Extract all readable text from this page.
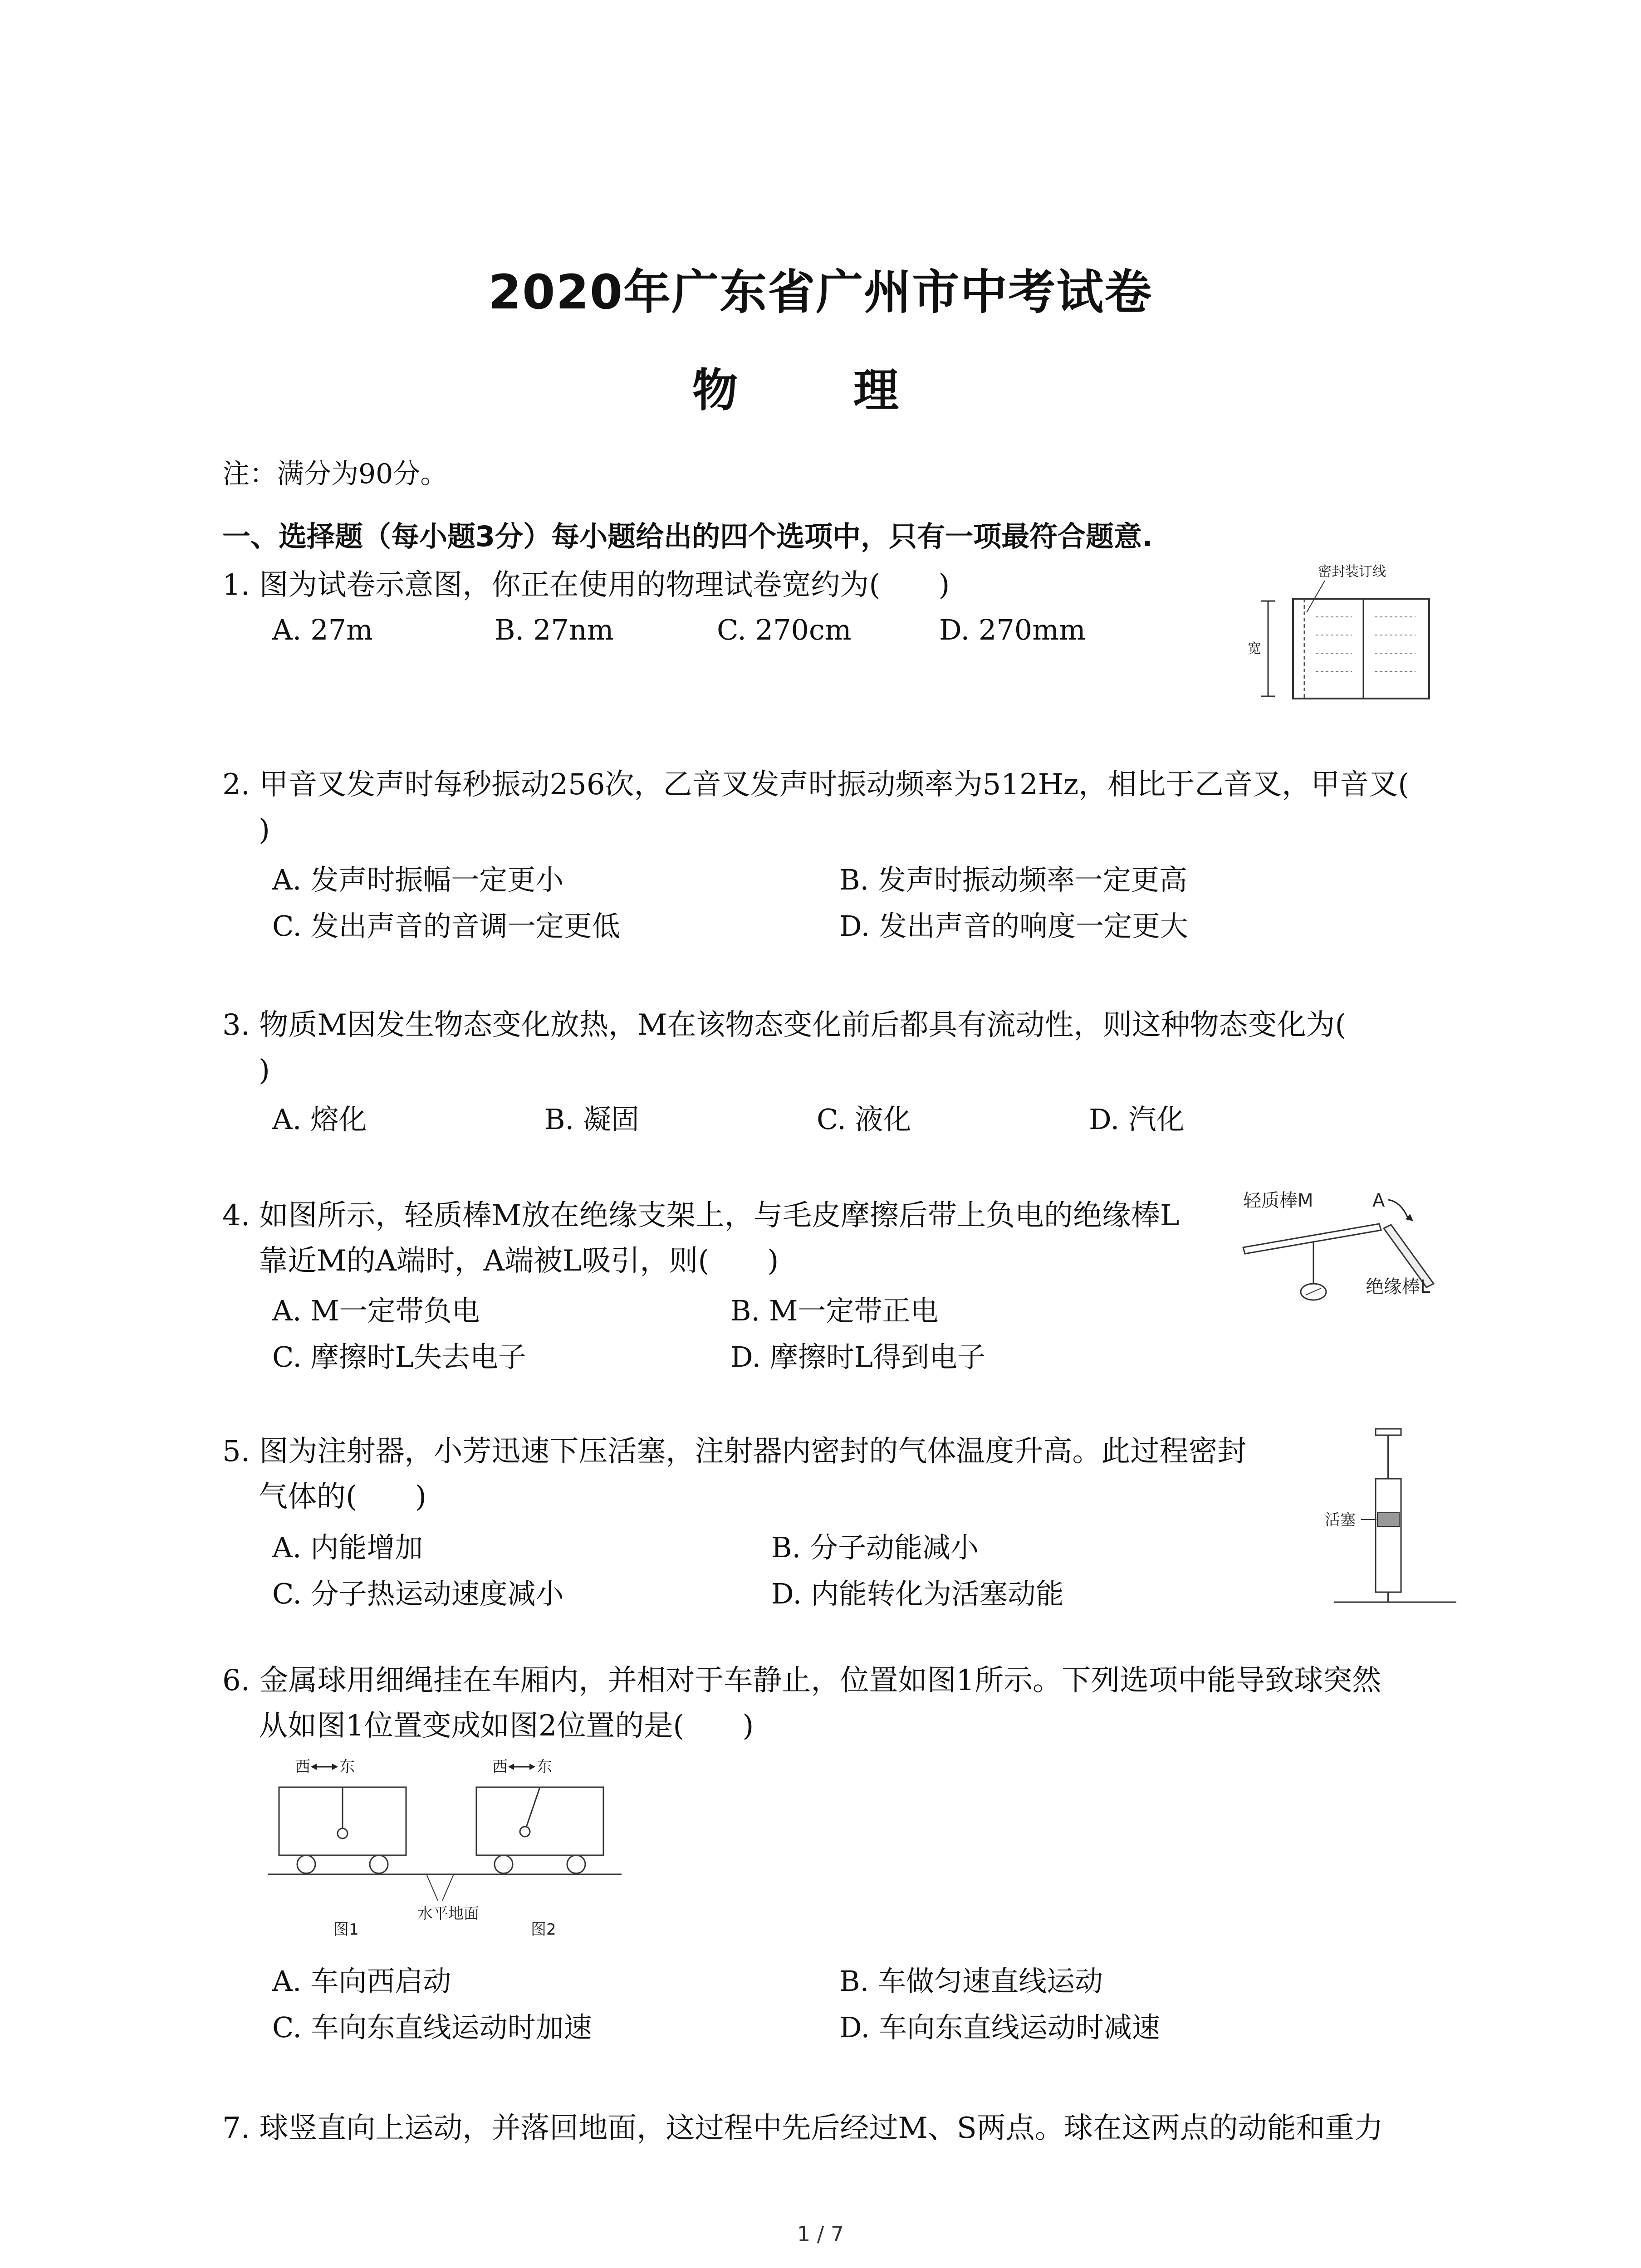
2020年广东省广州市中考试卷
物 理
注：满分为90分。
一、选择题（每小题3分）每小题给出的四个选项中，只有一项最符合题意.
1. 图为试卷示意图，你正在使用的物理试卷宽约为(　　)
A. 27m	B. 27nm	C. 270cm	D. 270mm
密封装订线
宽
2. 甲音叉发声时每秒振动256次，乙音叉发声时振动频率为512Hz，相比于乙音叉，甲音叉(
)
A. 发声时振幅一定更小	B. 发声时振动频率一定更高
C. 发出声音的音调一定更低	D. 发出声音的响度一定更大
3. 物质M因发生物态变化放热，M在该物态变化前后都具有流动性，则这种物态变化为(
)
A. 熔化	B. 凝固	C. 液化	D. 汽化
4. 如图所示，轻质棒M放在绝缘支架上，与毛皮摩擦后带上负电的绝缘棒L
靠近M的A端时，A端被L吸引，则(　　)
A. M一定带负电	B. M一定带正电
C. 摩擦时L失去电子	D. 摩擦时L得到电子
轻质棒M	A
绝缘棒L
5. 图为注射器，小芳迅速下压活塞，注射器内密封的气体温度升高。此过程密封
气体的(　　)
A. 内能增加	B. 分子动能减小
C. 分子热运动速度减小	D. 内能转化为活塞动能
活塞
6. 金属球用细绳挂在车厢内，并相对于车静止，位置如图1所示。下列选项中能导致球突然
从如图1位置变成如图2位置的是(　　)
西 东	西 东
水平地面
图1	图2
A. 车向西启动	B. 车做匀速直线运动
C. 车向东直线运动时加速	D. 车向东直线运动时减速
7. 球竖直向上运动，并落回地面，这过程中先后经过M、S两点。球在这两点的动能和重力
1 / 7
